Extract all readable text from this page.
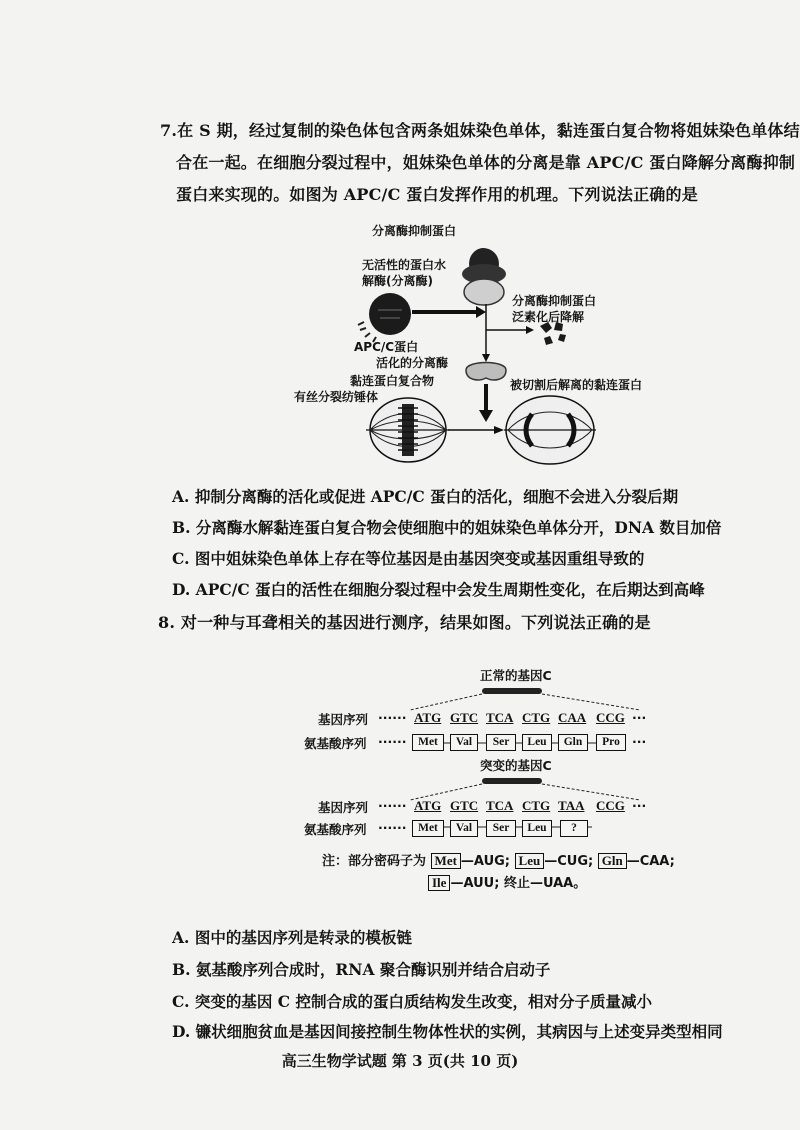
7.在 S 期，经过复制的染色体包含两条姐妹染色单体，黏连蛋白复合物将姐妹染色单体结
合在一起。在细胞分裂过程中，姐妹染色单体的分离是靠 APC/C 蛋白降解分离酶抑制
蛋白来实现的。如图为 APC/C 蛋白发挥作用的机理。下列说法正确的是
分离酶抑制蛋白
无活性的蛋白水
解酶(分离酶)
分离酶抑制蛋白
泛素化后降解
APC/C蛋白
活化的分离酶
黏连蛋白复合物	被切割后解离的黏连蛋白
有丝分裂纺锤体
A. 抑制分离酶的活化或促进 APC/C 蛋白的活化，细胞不会进入分裂后期
B. 分离酶水解黏连蛋白复合物会使细胞中的姐妹染色单体分开，DNA 数目加倍
C. 图中姐妹染色单体上存在等位基因是由基因突变或基因重组导致的
D. APC/C 蛋白的活性在细胞分裂过程中会发生周期性变化，在后期达到高峰
8. 对一种与耳聋相关的基因进行测序，结果如图。下列说法正确的是
正常的基因C
基因序列 ······ ATG GTC TCA CTG CAA CCG ···
氨基酸序列 ······	Met	Val	Ser	Leu	Gln	Pro ···
突变的基因C
基因序列 ······ ATG GTC TCA CTG TAA CCG ···
氨基酸序列 ······	Met	Val	Ser	Leu	?
注：部分密码子为 Met —AUG; Leu —CUG; Gln —CAA;
Ile —AUU; 终止—UAA。
A. 图中的基因序列是转录的模板链
B. 氨基酸序列合成时，RNA 聚合酶识别并结合启动子
C. 突变的基因 C 控制合成的蛋白质结构发生改变，相对分子质量减小
D. 镰状细胞贫血是基因间接控制生物体性状的实例，其病因与上述变异类型相同
高三生物学试题 第 3 页(共 10 页)
